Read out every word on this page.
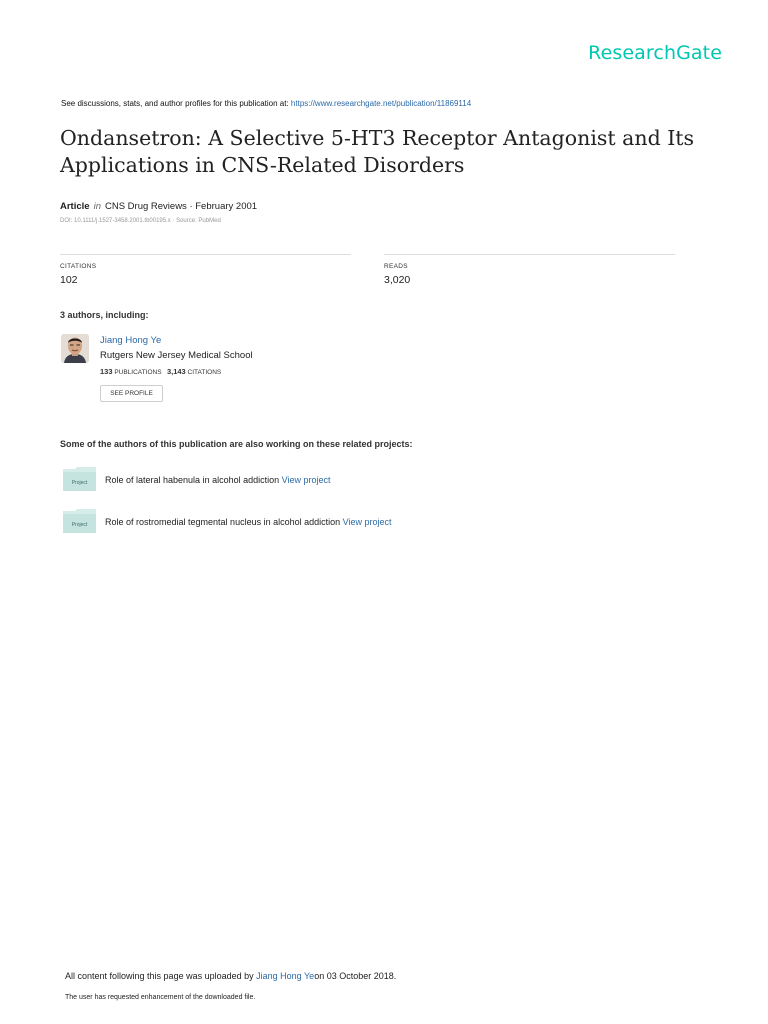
ResearchGate
See discussions, stats, and author profiles for this publication at: https://www.researchgate.net/publication/11869114
Ondansetron: A Selective 5-HT3 Receptor Antagonist and Its Applications in CNS-Related Disorders
Article in CNS Drug Reviews · February 2001
DOI: 10.1111/j.1527-3458.2001.tb00195.x · Source: PubMed
CITATIONS
102
READS
3,020
3 authors, including:
Jiang Hong Ye
Rutgers New Jersey Medical School
133 PUBLICATIONS 3,143 CITATIONS
SEE PROFILE
Some of the authors of this publication are also working on these related projects:
Project Role of lateral habenula in alcohol addiction View project
Project Role of rostromedial tegmental nucleus in alcohol addiction View project
All content following this page was uploaded by Jiang Hong Yeon 03 October 2018.
The user has requested enhancement of the downloaded file.
